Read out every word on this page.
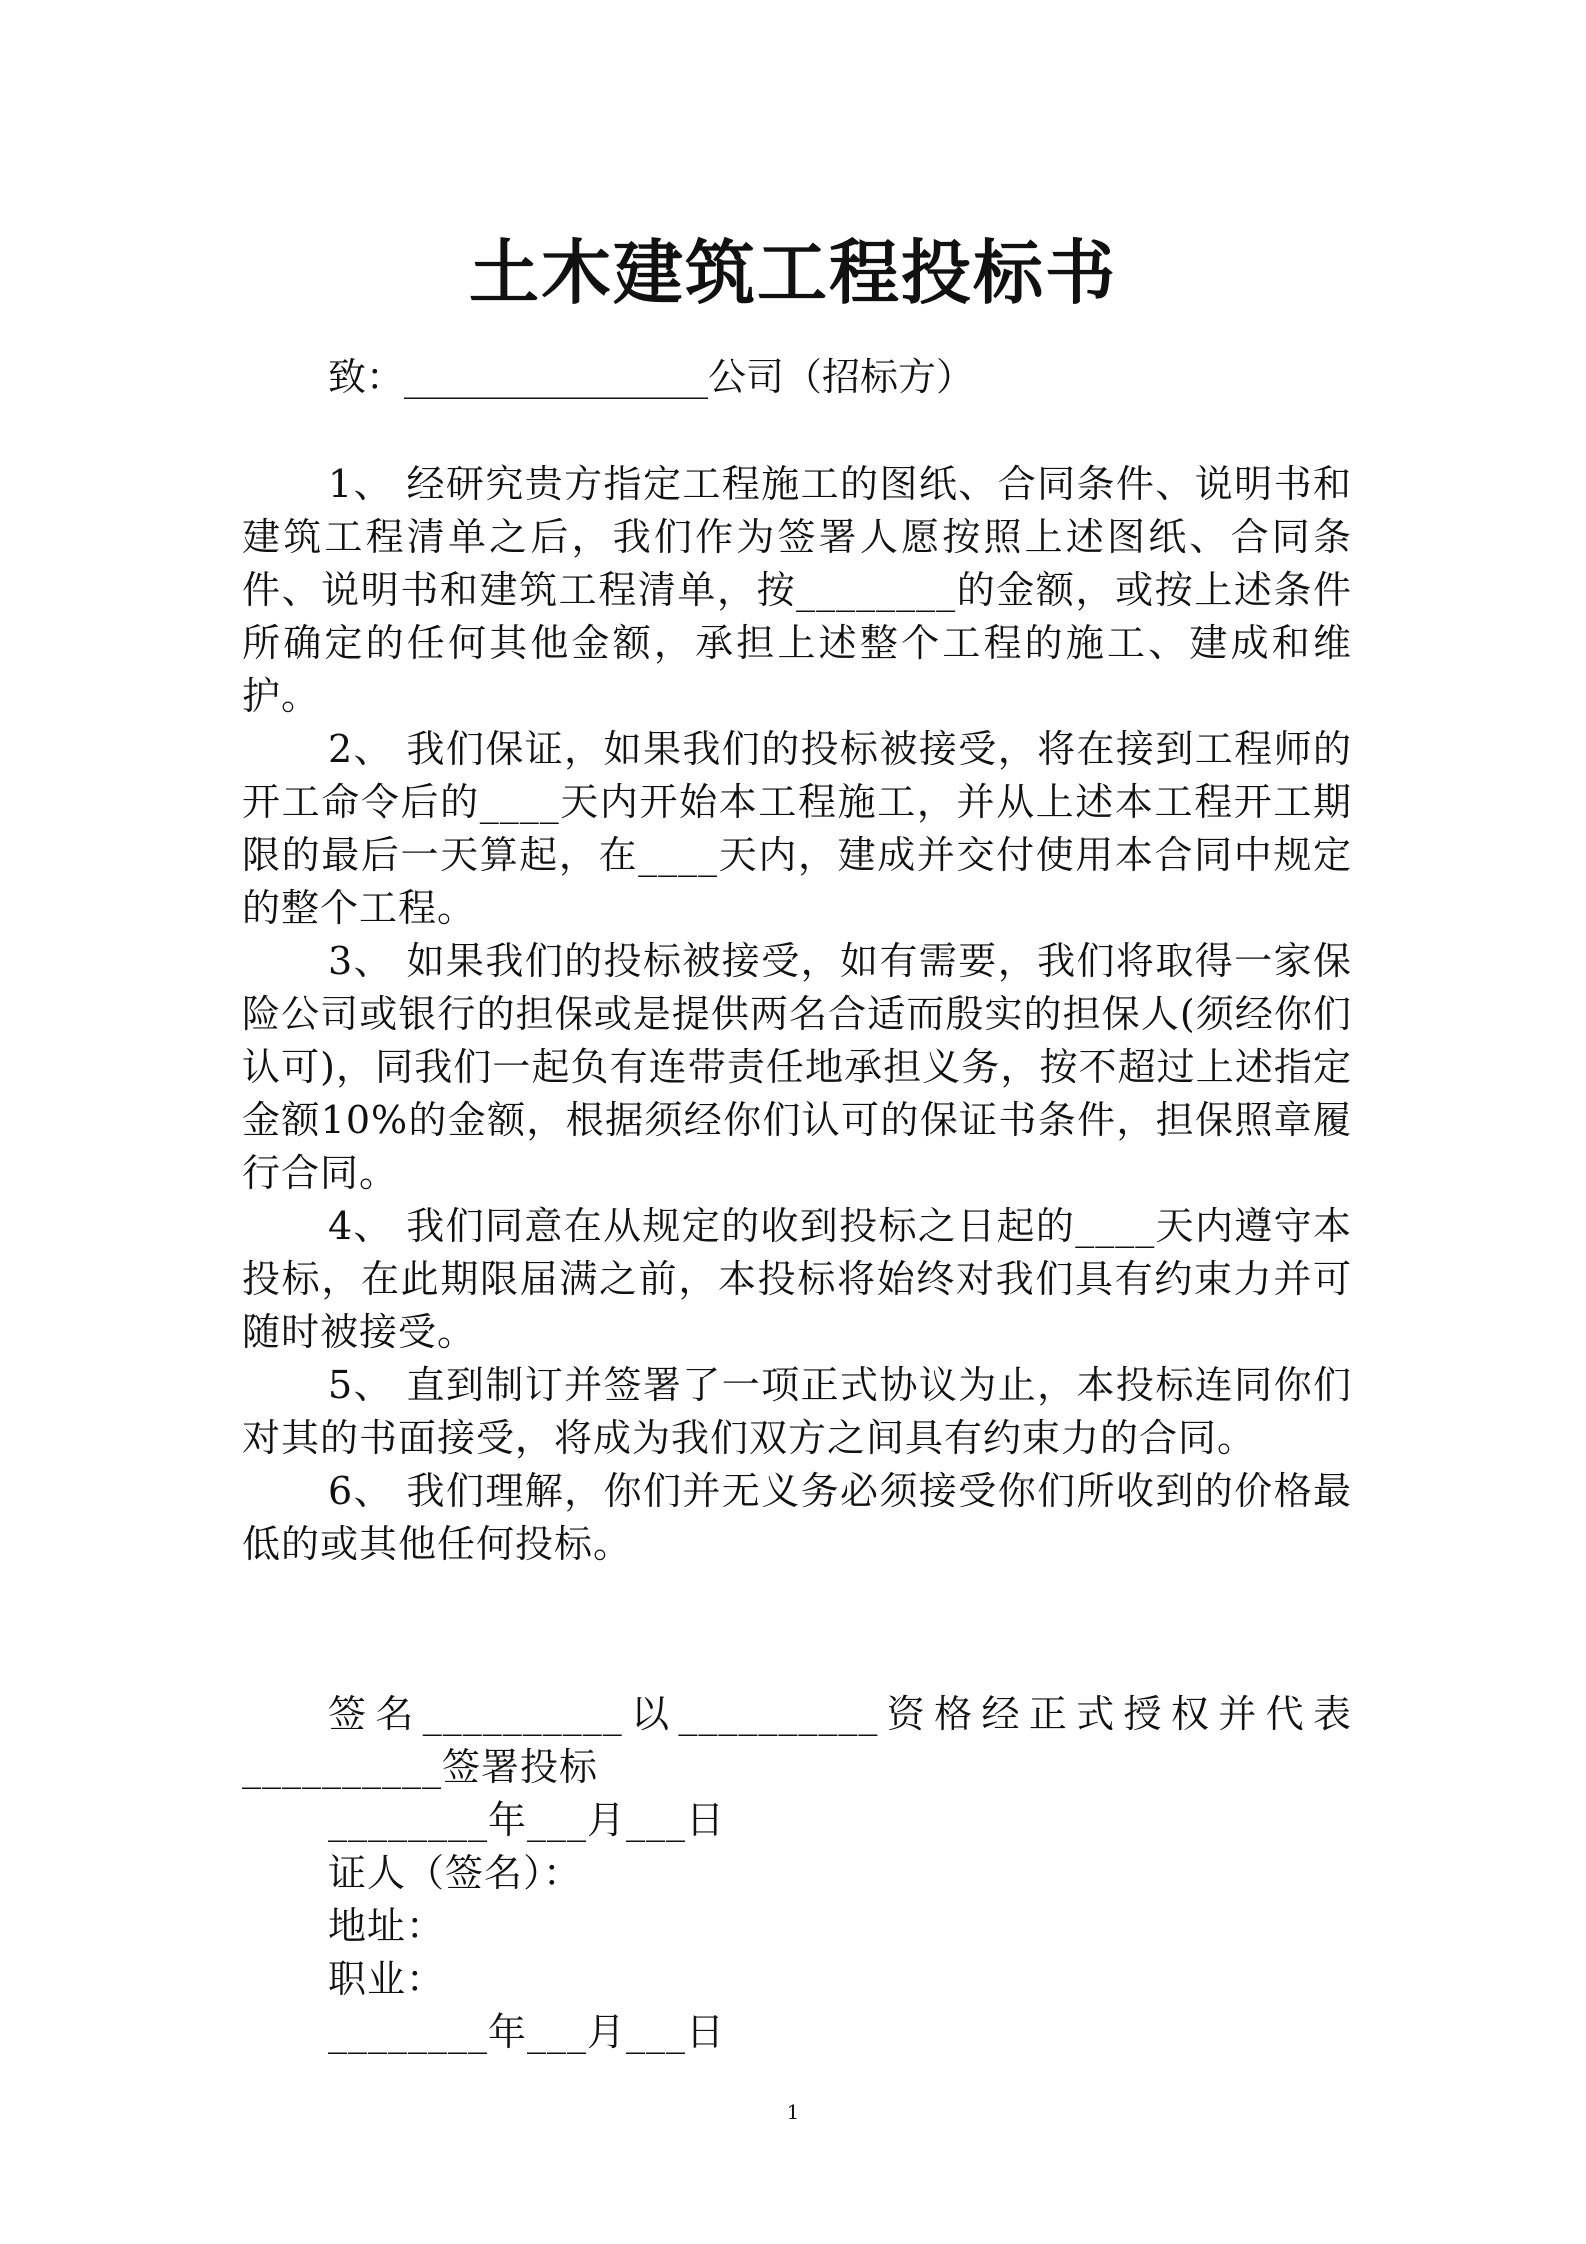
土木建筑工程投标书
致：________________公司（招标方）

1、 经研究贵方指定工程施工的图纸、合同条件、说明书和建筑工程清单之后，我们作为签署人愿按照上述图纸、合同条件、说明书和建筑工程清单，按________的金额，或按上述条件所确定的任何其他金额，承担上述整个工程的施工、建成和维护。

2、 我们保证，如果我们的投标被接受，将在接到工程师的开工命令后的____天内开始本工程施工，并从上述本工程开工期限的最后一天算起，在____天内，建成并交付使用本合同中规定的整个工程。

3、 如果我们的投标被接受，如有需要，我们将取得一家保险公司或银行的担保或是提供两名合适而殷实的担保人(须经你们认可)，同我们一起负有连带责任地承担义务，按不超过上述指定金额10%的金额，根据须经你们认可的保证书条件，担保照章履行合同。

4、 我们同意在从规定的收到投标之日起的____天内遵守本投标，在此期限届满之前，本投标将始终对我们具有约束力并可随时被接受。

5、 直到制订并签署了一项正式协议为止，本投标连同你们对其的书面接受，将成为我们双方之间具有约束力的合同。

6、 我们理解，你们并无义务必须接受你们所收到的价格最低的或其他任何投标。

签名__________以__________资格经正式授权并代表__________签署投标

________年___月___日

证人（签名）：

地址：

职业：

________年___月___日

1
